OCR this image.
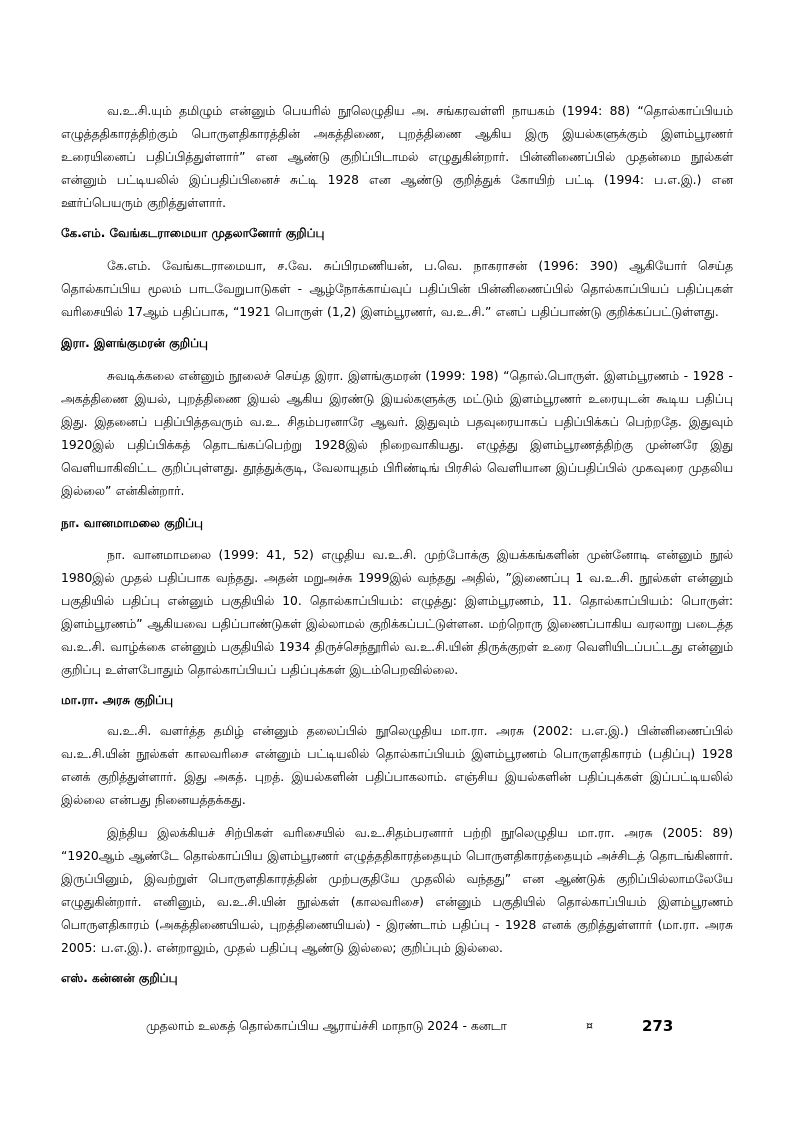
வ.உ.சி.யும் தமிழும் என்னும் பெயரில் நூலெழுதிய அ. சங்கரவள்ளி நாயகம் (1994: 88) “தொல்காப்பியம் எழுத்ததிகாரத்திற்கும் பொருளதிகாரத்தின் அகத்திணை, புறத்திணை ஆகிய இரு இயல்களுக்கும் இளம்பூரணர் உரையினைப் பதிப்பித்துள்ளார்” என ஆண்டு குறிப்பிடாமல் எழுதுகின்றார். பின்னிணைப்பில் முதன்மை நூல்கள் என்னும் பட்டியலில் இப்பதிப்பினைச் சுட்டி 1928 என ஆண்டு குறித்துக் கோயிற் பட்டி (1994: ப.எ.இ.) என ஊர்ப்பெயரும் குறித்துள்ளார்.

கே.எம். வேங்கடராமையா முதலானோர் குறிப்பு

கே.எம். வேங்கடராமையா, ச.வே. சுப்பிரமணியன், ப.வெ. நாகராசன் (1996: 390) ஆகியோர் செய்த தொல்காப்பிய மூலம் பாடவேறுபாடுகள் - ஆழ்நோக்காய்வுப் பதிப்பின் பின்னிணைப்பில் தொல்காப்பியப் பதிப்புகள் வரிசையில் 17ஆம் பதிப்பாக, “1921 பொருள் (1,2) இளம்பூரணர், வ.உ.சி.” எனப் பதிப்பாண்டு குறிக்கப்பட்டுள்ளது.

இரா. இளங்குமரன் குறிப்பு

சுவடிக்கலை என்னும் நூலைச் செய்த இரா. இளங்குமரன் (1999: 198) “தொல்.பொருள். இளம்பூரணம் - 1928 - அகத்திணை இயல், புறத்திணை இயல் ஆகிய இரண்டு இயல்களுக்கு மட்டும் இளம்பூரணர் உரையுடன் கூடிய பதிப்பு இது. இதனைப் பதிப்பித்தவரும் வ.உ. சிதம்பரனாரே ஆவர். இதுவும் பதவுரையாகப் பதிப்பிக்கப் பெற்றதே. இதுவும் 1920இல் பதிப்பிக்கத் தொடங்கப்பெற்று 1928இல் நிறைவாகியது. எழுத்து இளம்பூரணத்திற்கு முன்னரே இது வெளியாகிவிட்ட குறிப்புள்ளது. தூத்துக்குடி, வேலாயுதம் பிரிண்டிங் பிரசில் வெளியான இப்பதிப்பில் முகவுரை முதலிய இல்லை” என்கின்றார்.

நா. வானமாமலை குறிப்பு

நா. வானமாமலை (1999: 41, 52) எழுதிய வ.உ.சி. முற்போக்கு இயக்கங்களின் முன்னோடி என்னும் நூல் 1980இல் முதல் பதிப்பாக வந்தது. அதன் மறுஅச்சு 1999இல் வந்தது அதில், ”இணைப்பு 1 வ.உ.சி. நூல்கள் என்னும் பகுதியில் பதிப்பு என்னும் பகுதியில் 10. தொல்காப்பியம்: எழுத்து: இளம்பூரணம், 11. தொல்காப்பியம்: பொருள்: இளம்பூரணம்” ஆகியவை பதிப்பாண்டுகள் இல்லாமல் குறிக்கப்பட்டுள்ளன. மற்றொரு இணைப்பாகிய வரலாறு படைத்த வ.உ.சி. வாழ்க்கை என்னும் பகுதியில் 1934 திருச்செந்தூரில் வ.உ.சி.யின் திருக்குறள் உரை வெளியிடப்பட்டது என்னும் குறிப்பு உள்ளபோதும் தொல்காப்பியப் பதிப்புக்கள் இடம்பெறவில்லை.

மா.ரா. அரசு குறிப்பு

வ.உ.சி. வளர்த்த தமிழ் என்னும் தலைப்பில் நூலெழுதிய மா.ரா. அரசு (2002: ப.எ.இ.) பின்னிணைப்பில் வ.உ.சி.யின் நூல்கள் காலவரிசை என்னும் பட்டியலில் தொல்காப்பியம் இளம்பூரணம் பொருளதிகாரம் (பதிப்பு) 1928 எனக் குறித்துள்ளார். இது அகத். புறத். இயல்களின் பதிப்பாகலாம். எஞ்சிய இயல்களின் பதிப்புக்கள் இப்பட்டியலில் இல்லை என்பது நினையத்தக்கது.

இந்திய இலக்கியச் சிற்பிகள் வரிசையில் வ.உ.சிதம்பரனார் பற்றி நூலெழுதிய மா.ரா. அரசு (2005: 89) “1920ஆம் ஆண்டே தொல்காப்பிய இளம்பூரணர் எழுத்ததிகாரத்தையும் பொருளதிகாரத்தையும் அச்சிடத் தொடங்கினார். இருப்பினும், இவற்றுள் பொருளதிகாரத்தின் முற்பகுதியே முதலில் வந்தது” என ஆண்டுக் குறிப்பில்லாமலேயே எழுதுகின்றார். எனினும், வ.உ.சி.யின் நூல்கள் (காலவரிசை) என்னும் பகுதியில் தொல்காப்பியம் இளம்பூரணம் பொருளதிகாரம் (அகத்திணையியல், புறத்திணையியல்) - இரண்டாம் பதிப்பு - 1928 எனக் குறித்துள்ளார் (மா.ரா. அரசு 2005: ப.எ.இ.). என்றாலும், முதல் பதிப்பு ஆண்டு இல்லை; குறிப்பும் இல்லை.

எஸ். கன்னன் குறிப்பு
முதலாம் உலகத் தொல்காப்பிய ஆராய்ச்சி மாநாடு 2024 - கனடா	¤	273
